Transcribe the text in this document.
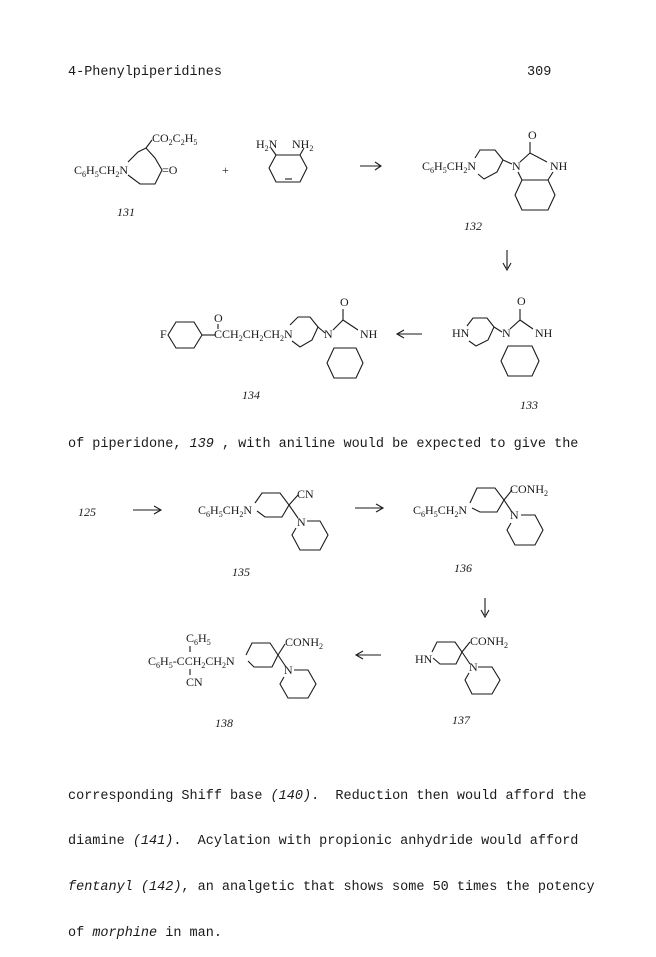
4-Phenylpiperidines	309
$C_6H_5CH_2N$
$CO_2C_2H_5$
=O	+
$H_2N$ $NH_2$
$C_6H_5CH_2N$	N NH
O
F	$CCH_2CH_2CH_2N$
O
N NH
O
HN	N NH
O
131
132
134
133
of piperidone, 139 , with aniline would be expected to give the
125	$C_6H_5CH_2N$
CN
N
$C_6H_5CH_2N$
$CONH_2$
N
$C_6H_5$
$C_6H_5-CCH_2CH_2N$
CN
$CONH_2$
N
HN
$CONH_2$
N
135	136
138	137

corresponding Shiff base (140).  Reduction then would afford the

diamine (141).  Acylation with propionic anhydride would afford

fentanyl (142), an analgetic that shows some 50 times the potency

of morphine in man.
